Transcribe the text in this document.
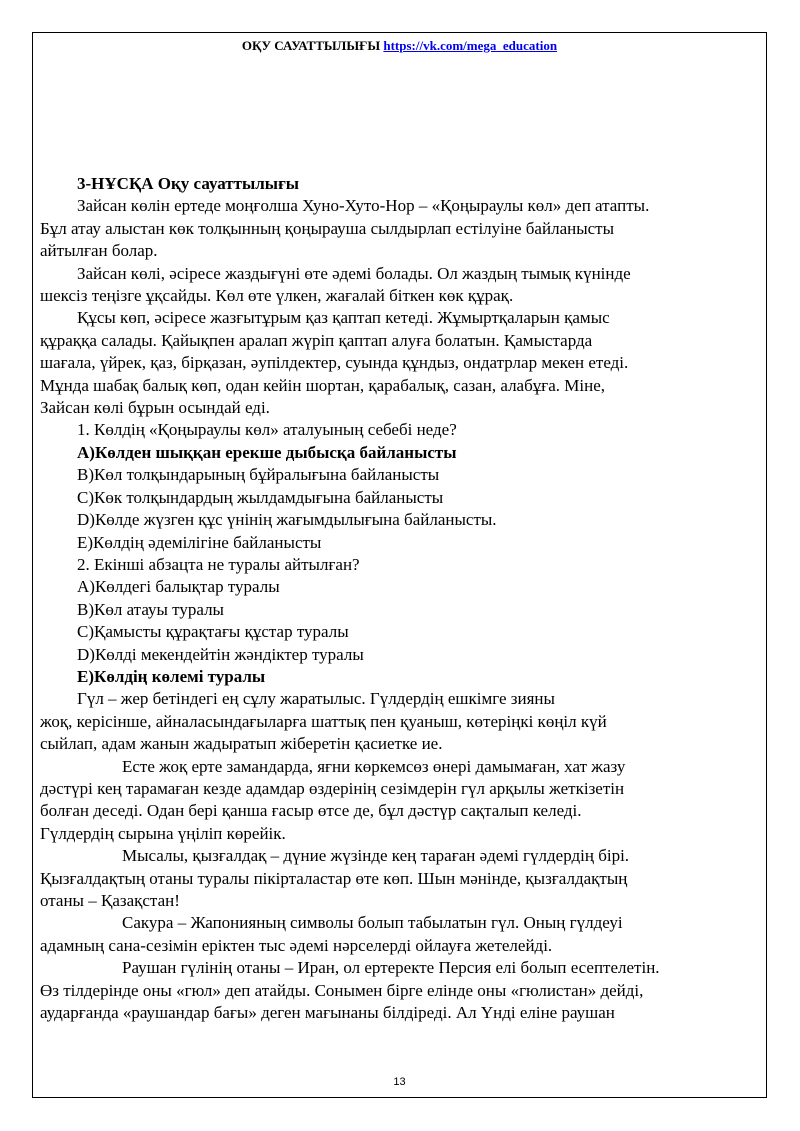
ОҚУ САУАТТЫЛЫҒЫ https://vk.com/mega_education

3-НҰСҚА Оқу сауаттылығы

Зайсан көлін ертеде моңғолша Хуно-Хуто-Нор – «Қоңыраулы көл» деп атапты.
Бұл атау алыстан көк толқынның қоңырауша сылдырлап естілуіне байланысты
айтылған болар.

Зайсан көлі, әсіресе жаздығүні өте әдемі болады. Ол жаздың тымық күнінде
шексіз теңізге ұқсайды. Көл өте үлкен, жағалай біткен көк құрақ.

Құсы көп, әсіресе жазғытұрым қаз қаптап кетеді. Жұмыртқаларын қамыс
құраққа салады. Қайықпен аралап жүріп қаптап алуға болатын. Қамыстарда
шағала, үйрек, қаз, бірқазан, әупілдектер, суында құндыз, ондатрлар мекен етеді.
Мұнда шабақ балық көп, одан кейін шортан, қарабалық, сазан, алабұға. Міне,
Зайсан көлі бұрын осындай еді.

1. Көлдің «Қоңыраулы көл» аталуының себебі неде?

А)Көлден шыққан ерекше дыбысқа байланысты

В)Көл толқындарының бұйралығына байланысты

С)Көк толқындардың жылдамдығына байланысты

D)Көлде жүзген құс үнінің жағымдылығына байланысты.

Е)Көлдің әдемілігіне байланысты

2. Екінші абзацта не туралы айтылған?

А)Көлдегі балықтар туралы

В)Көл атауы туралы

С)Қамысты құрақтағы құстар туралы

D)Көлді мекендейтін жәндіктер туралы

Е)Көлдің көлемі туралы

Гүл – жер бетіндегі ең сұлу жаратылыс. Гүлдердің ешкімге зияны
жоқ, керісінше, айналасындағыларға шаттық пен қуаныш, көтеріңкі көңіл күй
сыйлап, адам жанын жадыратып жіберетін қасиетке ие.

Есте жоқ ерте замандарда, яғни көркемсөз өнері дамымаған, хат жазу
дәстүрі кең тарамаған кезде адамдар өздерінің сезімдерін гүл арқылы жеткізетін
болған деседі. Одан бері қанша ғасыр өтсе де, бұл дәстүр сақталып келеді.
Гүлдердің сырына үңіліп көрейік.

Мысалы, қызғалдақ – дүние жүзінде кең тараған әдемі гүлдердің бірі.
Қызғалдақтың отаны туралы пікірталастар өте көп. Шын мәнінде, қызғалдақтың
отаны – Қазақстан!

Сакура – Жапонияның символы болып табылатын гүл. Оның гүлдеуі
адамның сана-сезімін еріктен тыс әдемі нәрселерді ойлауға жетелейді.

Раушан гүлінің отаны – Иран, ол ертеректе Персия елі болып есептелетін.
Өз тілдерінде оны «гюл» деп атайды. Сонымен бірге елінде оны «гюлистан» дейді,
аударғанда «раушандар бағы» деген мағынаны білдіреді. Ал Үнді еліне раушан

13
